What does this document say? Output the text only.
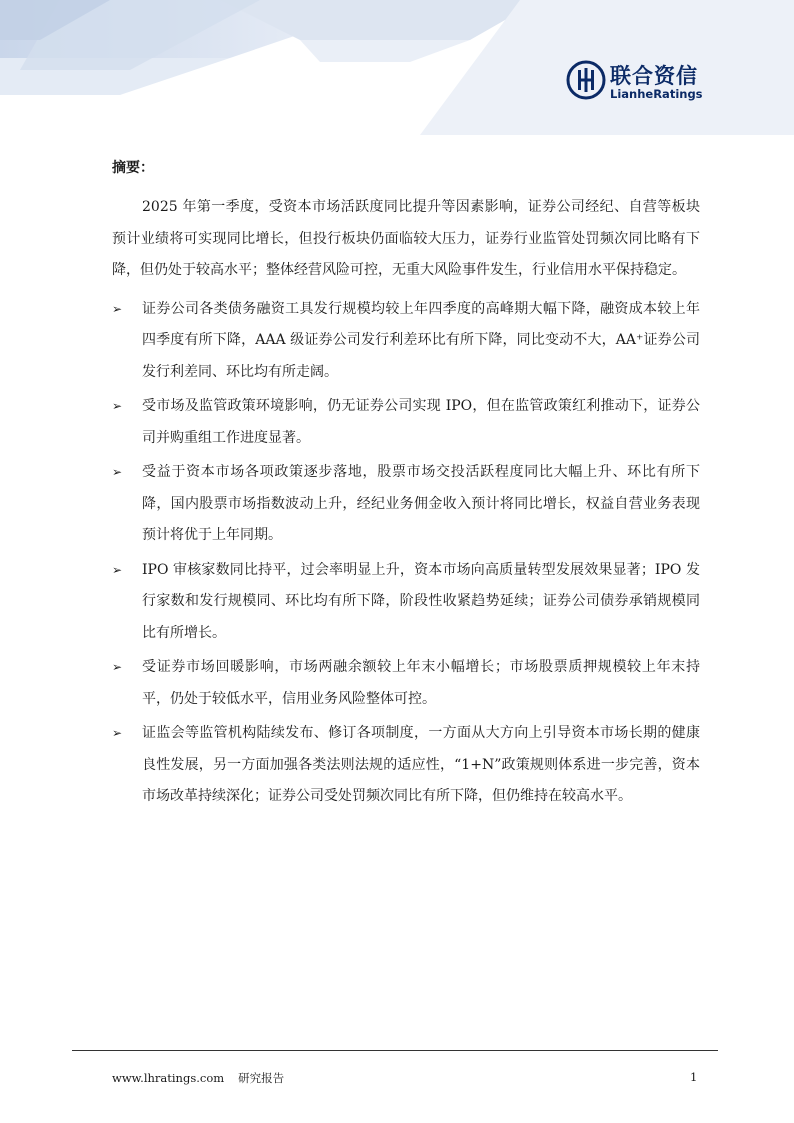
联合资信
LianheRatings
摘要：

2025 年第一季度，受资本市场活跃度同比提升等因素影响，证券公司经纪、自营等板块预计业绩将可实现同比增长，但投行板块仍面临较大压力，证券行业监管处罚频次同比略有下降，但仍处于较高水平；整体经营风险可控，无重大风险事件发生，行业信用水平保持稳定。

➢ 证券公司各类债务融资工具发行规模均较上年四季度的高峰期大幅下降，融资成本较上年四季度有所下降，AAA 级证券公司发行利差环比有所下降，同比变动不大，AA⁺证券公司发行利差同、环比均有所走阔。
➢ 受市场及监管政策环境影响，仍无证券公司实现 IPO，但在监管政策红利推动下，证券公司并购重组工作进度显著。
➢ 受益于资本市场各项政策逐步落地，股票市场交投活跃程度同比大幅上升、环比有所下降，国内股票市场指数波动上升，经纪业务佣金收入预计将同比增长，权益自营业务表现预计将优于上年同期。
➢ IPO 审核家数同比持平，过会率明显上升，资本市场向高质量转型发展效果显著；IPO 发行家数和发行规模同、环比均有所下降，阶段性收紧趋势延续；证券公司债券承销规模同比有所增长。
➢ 受证券市场回暖影响，市场两融余额较上年末小幅增长；市场股票质押规模较上年末持平，仍处于较低水平，信用业务风险整体可控。
➢ 证监会等监管机构陆续发布、修订各项制度，一方面从大方向上引导资本市场长期的健康良性发展，另一方面加强各类法则法规的适应性，“1+N”政策规则体系进一步完善，资本市场改革持续深化；证券公司受处罚频次同比有所下降，但仍维持在较高水平。
www.lhratings.com 研究报告	1
